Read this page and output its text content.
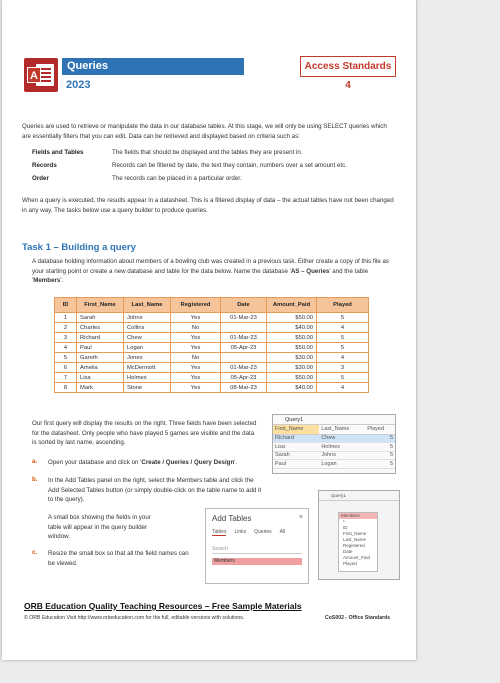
A
Queries
2023
Access Standards 4
Queries are used to retrieve or manipulate the data in our database tables. At this stage, we will only be using SELECT queries which are essentially filters that you can edit. Data can be retrieved and displayed based on criteria such as:
Fields and Tables	The fields that should be displayed and the tables they are present in.
Records	Records can be filtered by date, the text they contain, numbers over a set amount etc.
Order	The records can be placed in a particular order.
When a query is executed, the results appear in a datasheet. This is a filtered display of data – the actual tables have not been changed in any way. The tasks below use a query builder to produce queries.
Task 1 – Building a query
A database holding information about members of a bowling club was created in a previous task. Either create a copy of this file as your starting point or create a new database and table for the data below. Name the database 'AS – Queries' and the table 'Members'.
ID	First_Name	Last_Name	Registered	Date	Amount_Paid	Played
1	Sarah	Johns	Yes	01-Mar-23	$50.00	5
2	Charles	Collins	No		$40.00	4
3	Richard	Chew	Yes	01-Mar-23	$50.00	5
4	Paul	Logan	Yes	05-Apr-23	$50.00	5
5	Gareth	Jones	No		$30.00	4
6	Amelia	McDermott	Yes	01-Mar-23	$30.00	3
7	Lisa	Holmes	Yes	05-Apr-23	$50.00	5
8	Mark	Stone	Yes	08-Mar-23	$40.00	4
Our first query will display the results on the right. Three fields have been selected for the datasheet. Only people who have played 5 games are visible and the data is sorted by last name, ascending.
Query1
First_Name	Last_Name	Played
Richard	Chew	5
Lisa	Holmes	5
Sarah	Johns	5
Paul	Logan	5
a. Open your database and click on 'Create / Queries / Query Design'.
b. In the Add Tables panel on the right, select the Members table and click the Add Selected Tables button (or simply double-click on the table name to add it to the query).
A small box showing the fields in your table will appear in the query builder window.
c. Resize the small box so that all the field names can be viewed.
Add Tables	×
Tables Links Queries All
Search
Members
Query1
Members
*
ID
First_Name
Last_Name
Registered
Date
Amount_Paid
Played
ORB Education Quality Teaching Resources – Free Sample Materials
© ORB Education Visit http://www.orbeducation.com for the full, editable versions with solutions.	CoS002 - Office Standards
